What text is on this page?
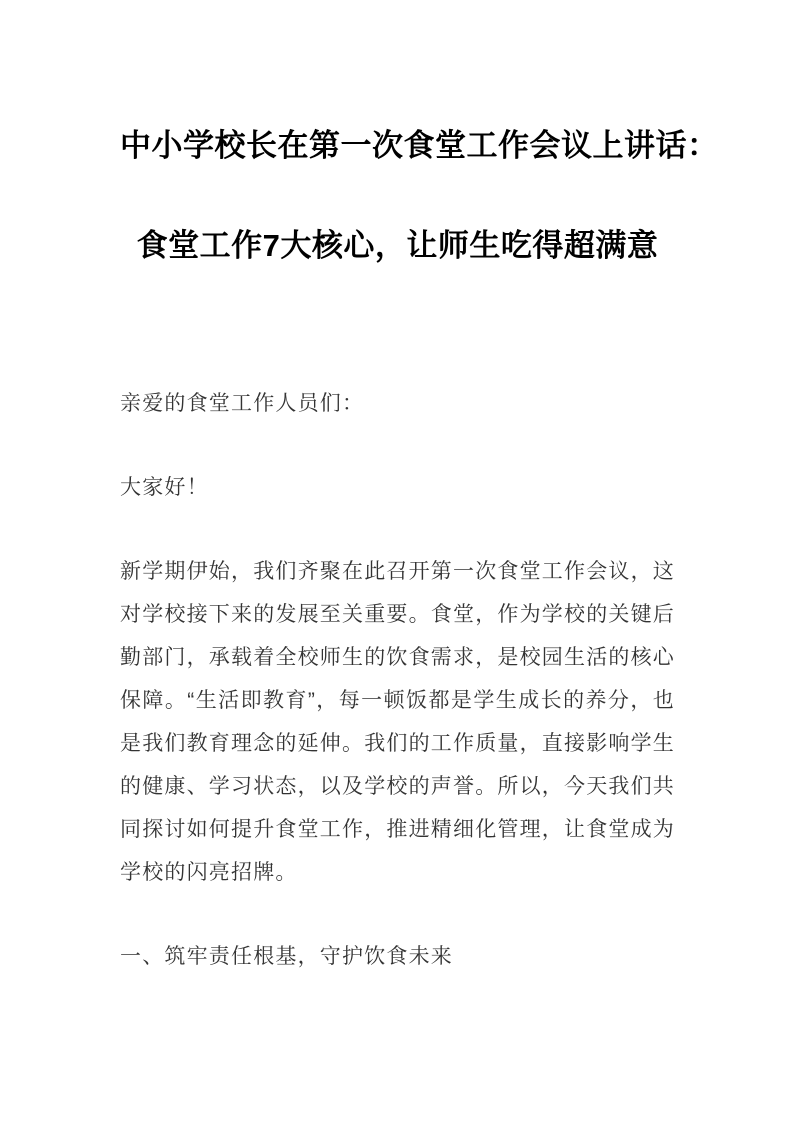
中小学校长在第一次食堂工作会议上讲话：
食堂工作7大核心，让师生吃得超满意

亲爱的食堂工作人员们：

大家好！

新学期伊始，我们齐聚在此召开第一次食堂工作会议，这对学校接下来的发展至关重要。食堂，作为学校的关键后勤部门，承载着全校师生的饮食需求，是校园生活的核心保障。“生活即教育”，每一顿饭都是学生成长的养分，也是我们教育理念的延伸。我们的工作质量，直接影响学生的健康、学习状态，以及学校的声誉。所以，今天我们共同探讨如何提升食堂工作，推进精细化管理，让食堂成为学校的闪亮招牌。

一、筑牢责任根基，守护饮食未来
